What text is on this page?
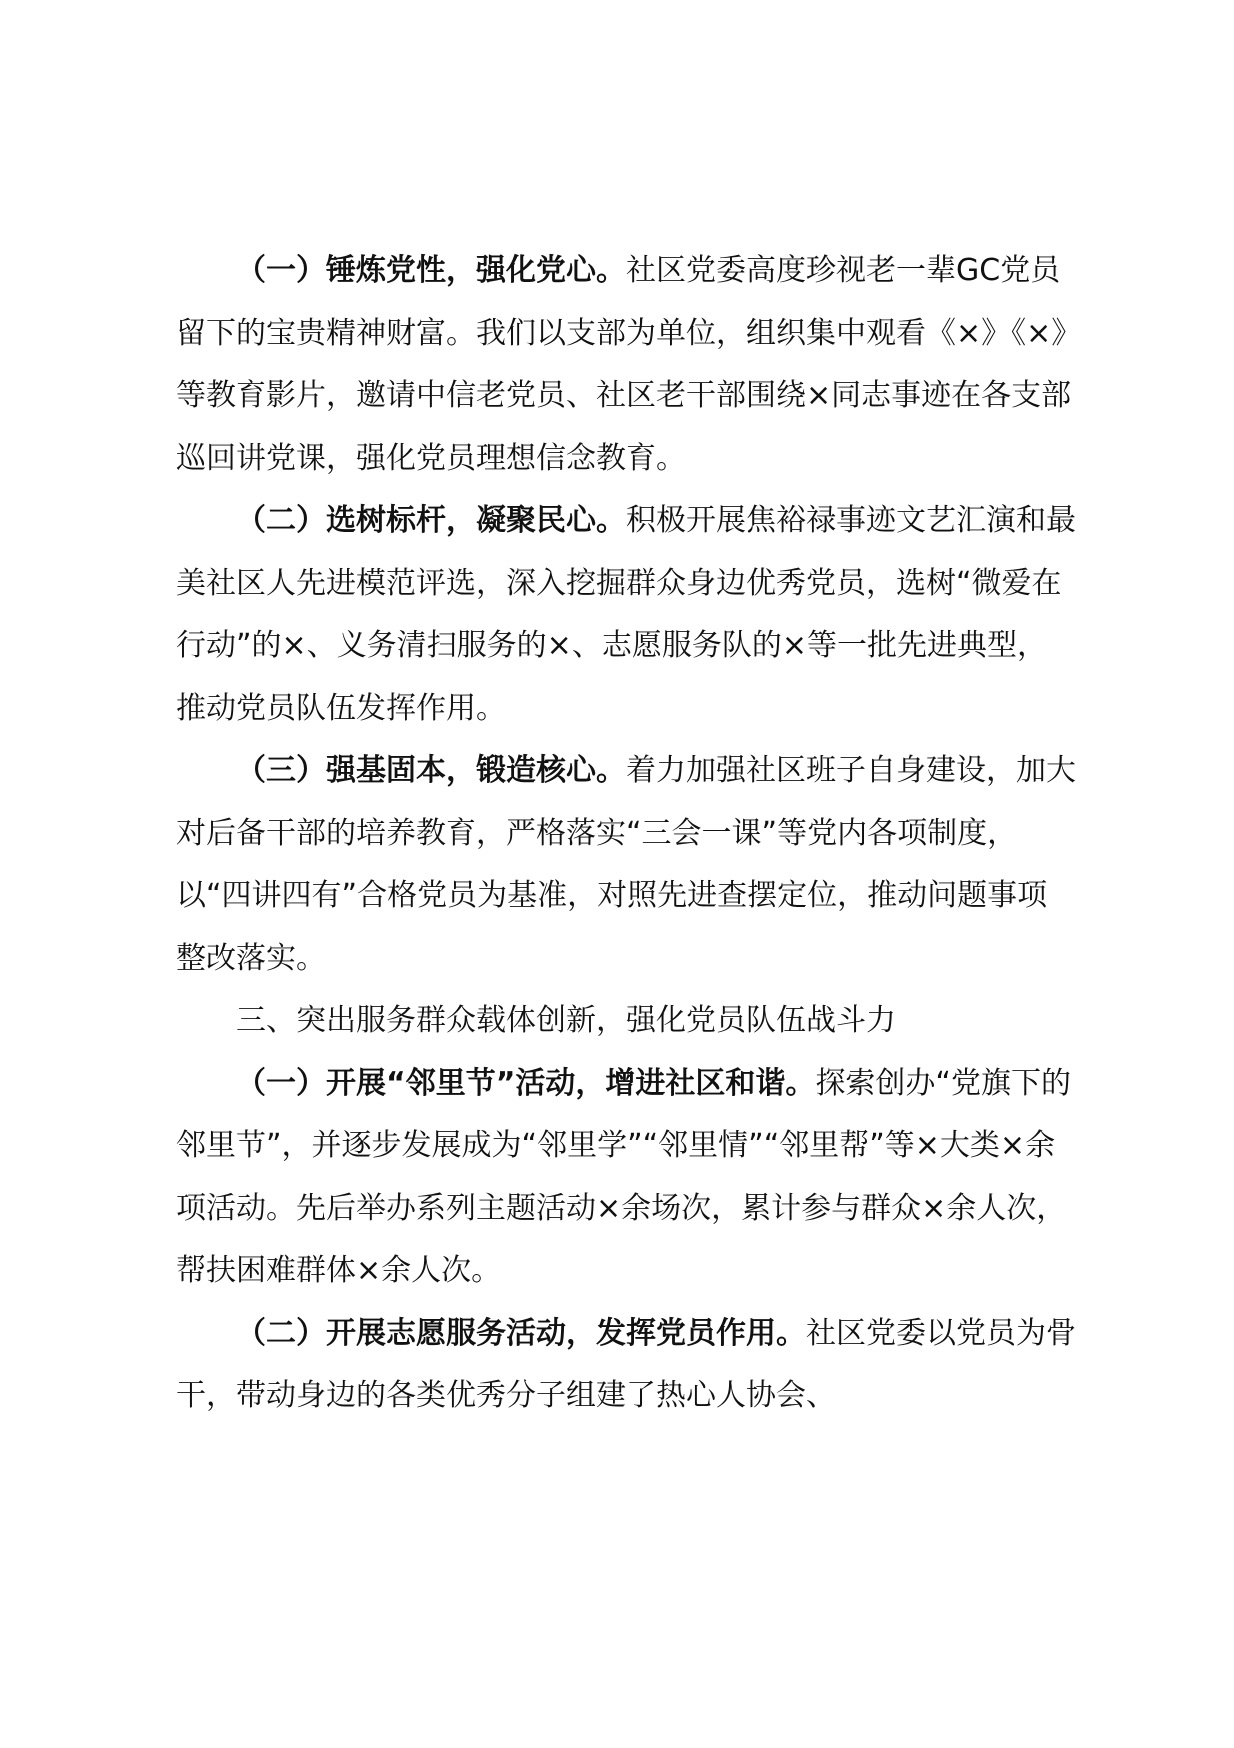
（一）锤炼党性，强化党心。社区党委高度珍视老一辈GC党员留下的宝贵精神财富。我们以支部为单位，组织集中观看《×》《×》等教育影片，邀请中信老党员、社区老干部围绕×同志事迹在各支部巡回讲党课，强化党员理想信念教育。

（二）选树标杆，凝聚民心。积极开展焦裕禄事迹文艺汇演和最美社区人先进模范评选，深入挖掘群众身边优秀党员，选树“微爱在行动”的×、义务清扫服务的×、志愿服务队的×等一批先进典型，推动党员队伍发挥作用。

（三）强基固本，锻造核心。着力加强社区班子自身建设，加大对后备干部的培养教育，严格落实“三会一课”等党内各项制度，以“四讲四有”合格党员为基准，对照先进查摆定位，推动问题事项整改落实。

三、突出服务群众载体创新，强化党员队伍战斗力

（一）开展“邻里节”活动，增进社区和谐。探索创办“党旗下的邻里节”，并逐步发展成为“邻里学”“邻里情”“邻里帮”等×大类×余项活动。先后举办系列主题活动×余场次，累计参与群众×余人次，帮扶困难群体×余人次。

（二）开展志愿服务活动，发挥党员作用。社区党委以党员为骨干，带动身边的各类优秀分子组建了热心人协会、
